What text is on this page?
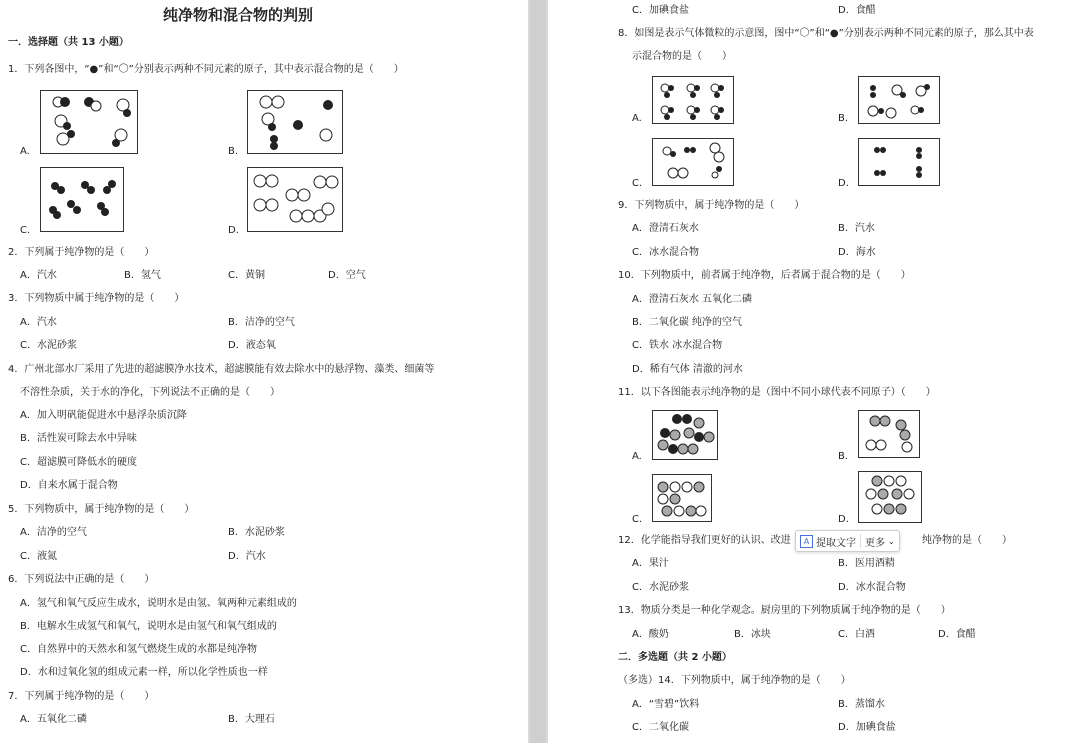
纯净物和混合物的判别
一．选择题（共 13 小题）
1．下列各图中，“●”和“〇”分别表示两种不同元素的原子，其中表示混合物的是（　　）
A.	B.
C.	D.
2．下列属于纯净物的是（　　）
A．汽水	B．氢气	C．黄铜	D．空气
3．下列物质中属于纯净物的是（　　）
A．汽水	B．洁净的空气
C．水泥砂浆	D．液态氧
4．广州北部水厂采用了先进的超滤膜净水技术，超滤膜能有效去除水中的悬浮物、藻类、细菌等
不溶性杂质，关于水的净化，下列说法不正确的是（　　）
A．加入明矾能促进水中悬浮杂质沉降
B．活性炭可除去水中异味
C．超滤膜可降低水的硬度
D．自来水属于混合物
5．下列物质中，属于纯净物的是（　　）
A．洁净的空气	B．水泥砂浆
C．液氮	D．汽水
6．下列说法中正确的是（　　）
A．氢气和氧气反应生成水，说明水是由氢、氧两种元素组成的
B．电解水生成氢气和氧气，说明水是由氢气和氧气组成的
C．自然界中的天然水和氢气燃烧生成的水都是纯净物
D．水和过氧化氢的组成元素一样，所以化学性质也一样
7．下列属于纯净物的是（　　）
A．五氧化二磷	B．大理石
C．加碘食盐	D．食醋
8．如图是表示气体微粒的示意图，图中“〇”和“●”分别表示两种不同元素的原子，那么其中表
示混合物的是（　　）
A.	B.
C.	D.
9．下列物质中，属于纯净物的是（　　）
A．澄清石灰水	B．汽水
C．冰水混合物	D．海水
10．下列物质中，前者属于纯净物，后者属于混合物的是（　　）
A．澄清石灰水 五氧化二磷
B．二氧化碳 纯净的空气
C．铁水 冰水混合物
D．稀有气体 清澈的河水
11．以下各图能表示纯净物的是（图中不同小球代表不同原子）（　　）
A.	B.
C.	D.
12．化学能指导我们更好的认识、改进	纯净物的是（　　）
A．果汁	B．医用酒精
C．水泥砂浆	D．冰水混合物
13．物质分类是一种化学观念。厨房里的下列物质属于纯净物的是（　　）
A．酸奶	B．冰块	C．白酒	D．食醋
二．多选题（共 2 小题）
（多选）14．下列物质中，属于纯净物的是（　　）
A．“雪碧”饮料	B．蒸馏水
C．二氧化碳	D．加碘食盐
A 提取文字 更多 ⌄
